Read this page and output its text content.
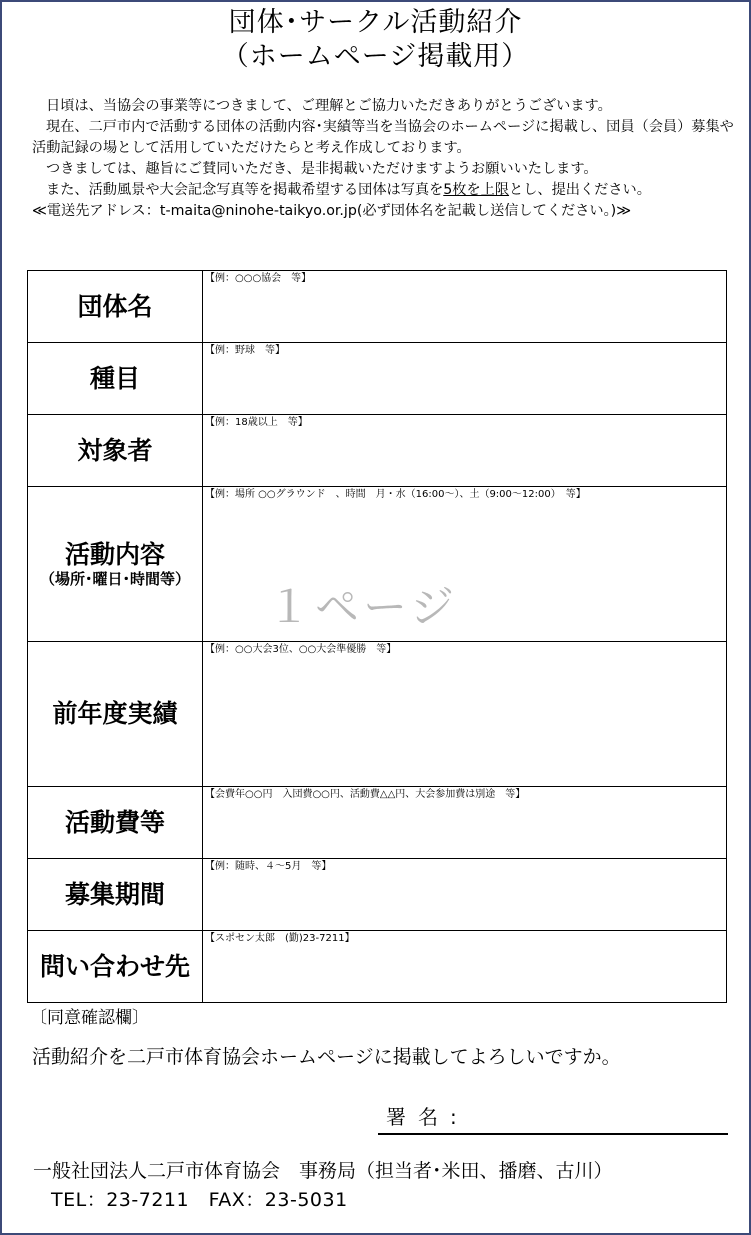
団体･サークル活動紹介
（ホームページ掲載用）

日頃は、当協会の事業等につきまして、ご理解とご協力いただきありがとうございます。

現在、二戸市内で活動する団体の活動内容･実績等当を当協会のホームページに掲載し、団員（会員）募集や活動記録の場として活用していただけたらと考え作成しております。

つきましては、趣旨にご賛同いただき、是非掲載いただけますようお願いいたします。

また、活動風景や大会記念写真等を掲載希望する団体は写真を5枚を上限とし、提出ください。

≪電送先アドレス：t-maita@ninohe-taikyo.or.jp(必ず団体名を記載し送信してください。)≫

団体名	【例：○○○協会　等】

種目	【例：野球　等】

対象者	【例：18歳以上　等】

活動内容
（場所･曜日･時間等）	【例：場所 ○○グラウンド　、時間　月・水（16:00～）、土（9:00～12:00）　等】

前年度実績	【例：○○大会3位、○○大会準優勝　等】

活動費等	【会費年○○円　入団費○○円、活動費△△円、大会参加費は別途　等】

募集期間	【例：随時、４～5月　等】

問い合わせ先	【スポセン太郎　(勤)23-7211】
１ページ
〔同意確認欄〕
活動紹介を二戸市体育協会ホームページに掲載してよろしいですか。
署名:
一般社団法人二戸市体育協会　事務局（担当者･米田、播磨、古川）
TEL：23-7211　FAX：23-5031
